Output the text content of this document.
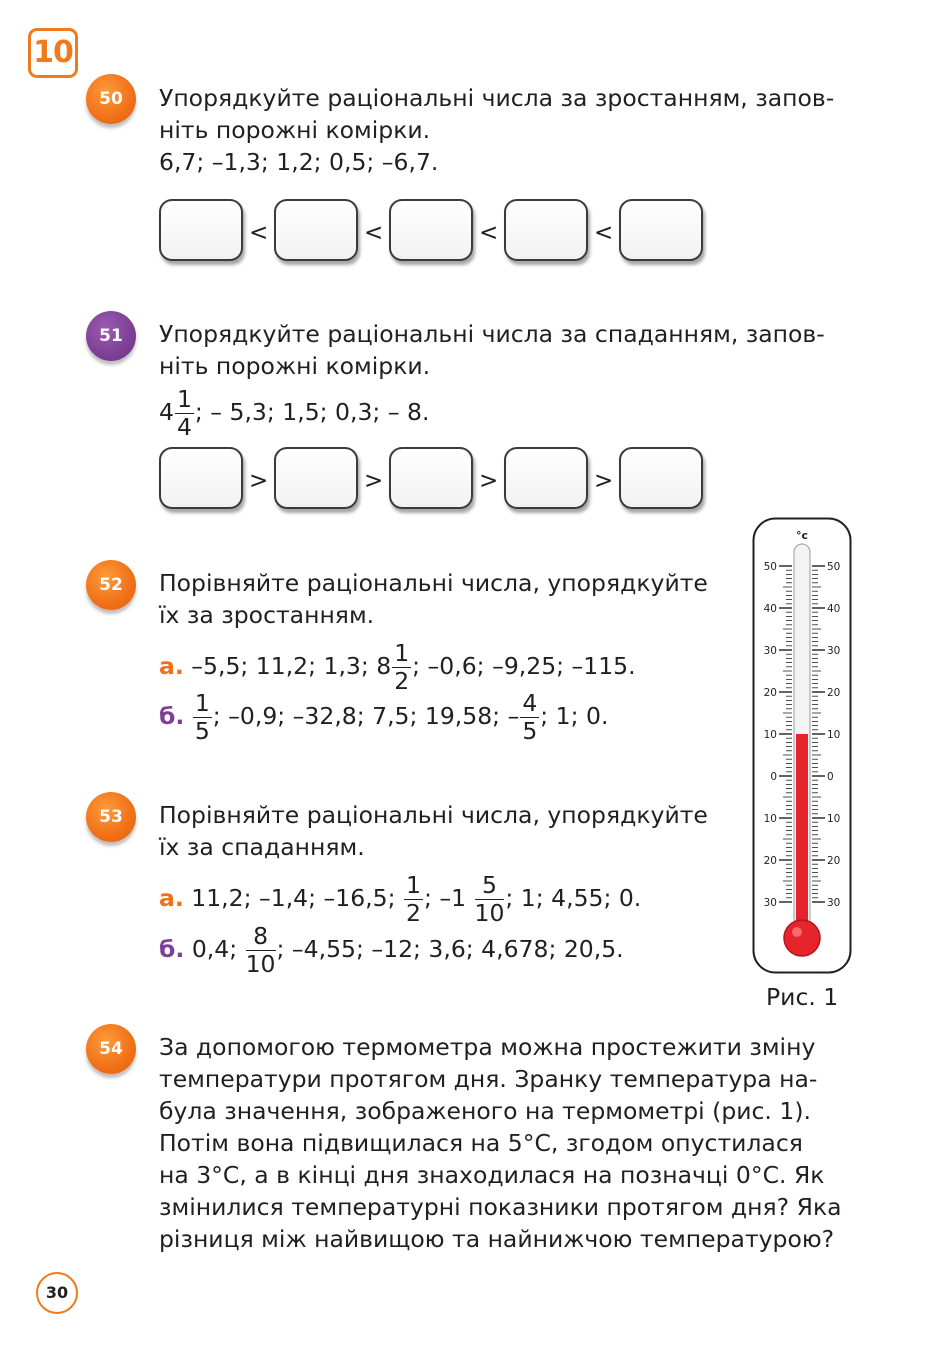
10
50	Упорядкуйте раціональні числа за зростанням, запов-
ніть порожні комірки.
6,7; –1,3; 1,2; 0,5; –6,7.
<	<	<	<
51	Упорядкуйте раціональні числа за спаданням, запов-
ніть порожні комірки.
$4 \frac{1}{4}$ ; – 5,3; 1,5; 0,3; – 8.
>	>	>	>
52	Порівняйте раціональні числа, упорядкуйте
їх за зростанням.
а. –5,5; 11,2; 1,3; $8 \frac{1}{2}$ ; –0,6; –9,25; –115.
б. $\frac{1}{5}$ ; –0,9; –32,8; 7,5; 19,58; – $\frac{4}{5}$ ; 1; 0.
53	Порівняйте раціональні числа, упорядкуйте
їх за спаданням.
а. 11,2; –1,4; –16,5; $\frac{1}{2}$ ; $-1 \frac{5}{10}$ ; 1; 4,55; 0.
б. 0,4; $\frac{8}{10}$ ; –4,55; –12; 3,6; 4,678; 20,5.
°c
50	50
40	40
30	30
20	20
10	10
0	0
10	10
20	20
30	30
Рис. 1
54	За допомогою термометра можна простежити зміну
температури протягом дня. Зранку температура на-
була значення, зображеного на термометрі (рис. 1).
Потім вона підвищилася на 5°С, згодом опустилася
на 3°С, а в кінці дня знаходилася на позначці 0°С. Як
змінилися температурні показники протягом дня? Яка
різниця між найвищою та найнижчою температурою?
30
